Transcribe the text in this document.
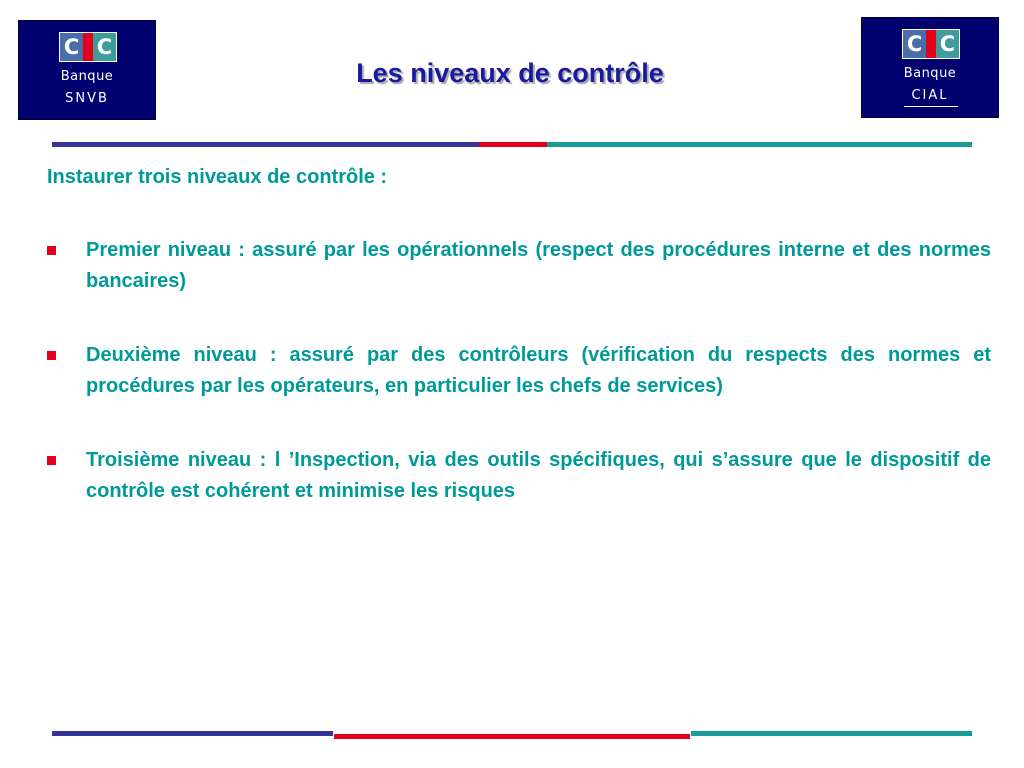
C C
Banque
SNVB
C C
Banque
CIAL
Les niveaux de contrôle

Instaurer trois niveaux de contrôle :

Premier niveau : assuré par les opérationnels (respect des procédures interne et des normes bancaires)
Deuxième niveau : assuré par des contrôleurs (vérification du respects des normes et procédures par les opérateurs, en particulier les chefs de services)
Troisième niveau : l ’Inspection, via des outils spécifiques, qui s’assure que le dispositif de contrôle est cohérent et minimise les risques
